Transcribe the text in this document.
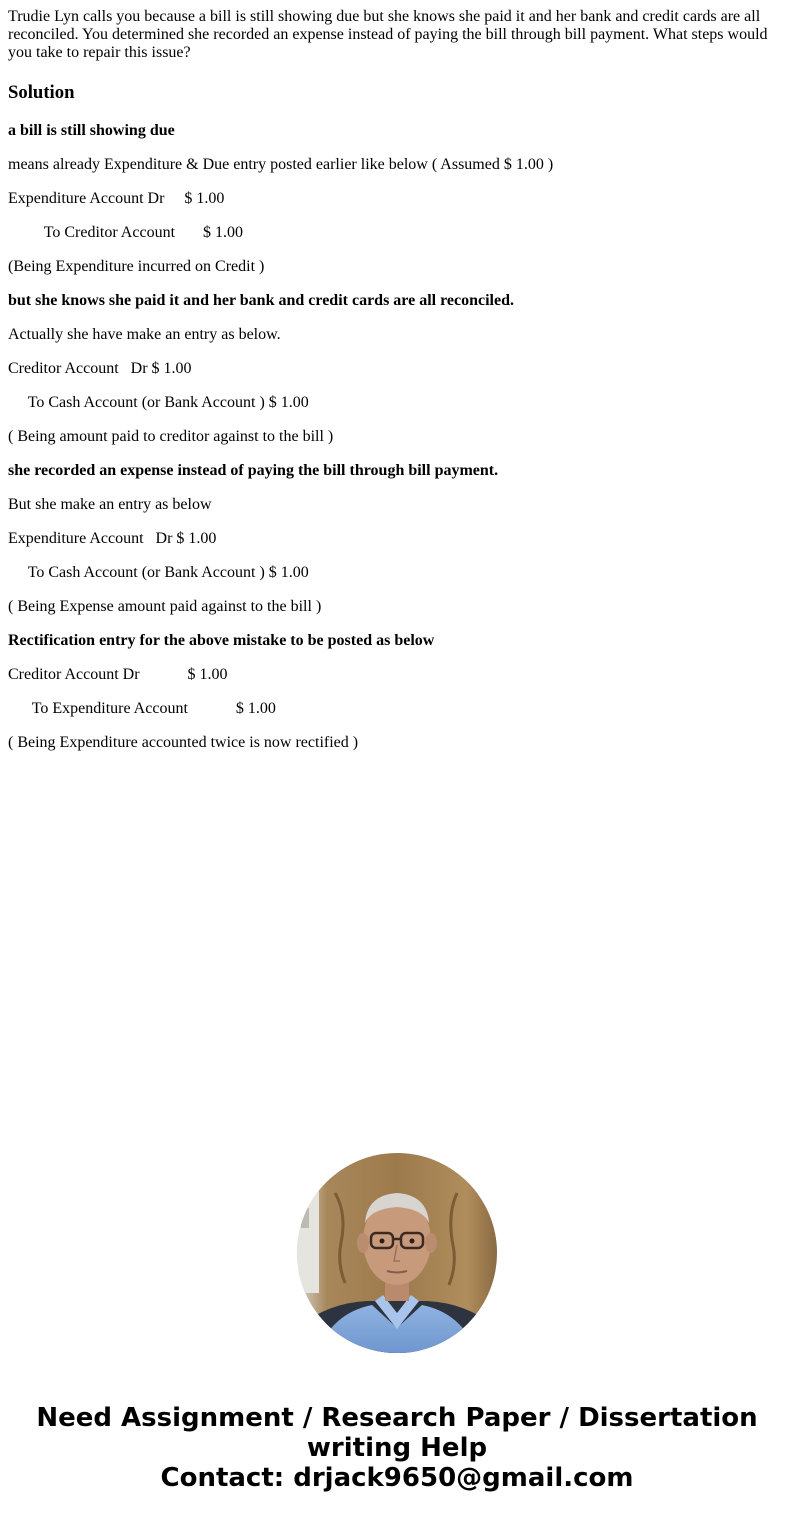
Trudie Lyn calls you because a bill is still showing due but she knows she paid it and her bank and credit cards are all reconciled. You determined she recorded an expense instead of paying the bill through bill payment. What steps would you take to repair this issue?

Solution

a bill is still showing due

means already Expenditure & Due entry posted earlier like below ( Assumed $ 1.00 )

Expenditure Account Dr     $ 1.00

To Creditor Account       $ 1.00

(Being Expenditure incurred on Credit )

but she knows she paid it and her bank and credit cards are all reconciled.

Actually she have make an entry as below.

Creditor Account   Dr $ 1.00

To Cash Account (or Bank Account ) $ 1.00

( Being amount paid to creditor against to the bill )

she recorded an expense instead of paying the bill through bill payment.

But she make an entry as below

Expenditure Account   Dr $ 1.00

To Cash Account (or Bank Account ) $ 1.00

( Being Expense amount paid against to the bill )

Rectification entry for the above mistake to be posted as below

Creditor Account Dr            $ 1.00

To Expenditure Account            $ 1.00

( Being Expenditure accounted twice is now rectified )

Need Assignment / Research Paper / Dissertation
writing Help
Contact: drjack9650@gmail.com
